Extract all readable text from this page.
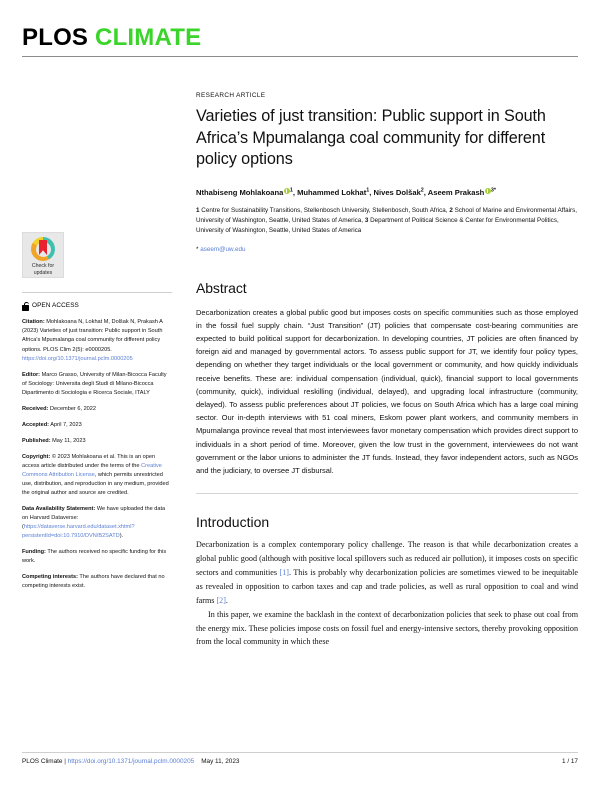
PLOS CLIMATE
Check for updates
OPEN ACCESS
Citation: Mohlakoana N, Lokhat M, Dolšak N, Prakash A (2023) Varieties of just transition: Public support in South Africa’s Mpumalanga coal community for different policy options. PLOS Clim 2(5): e0000205. https://doi.org/10.1371/journal.pclm.0000205
Editor: Marco Grasso, University of Milan-Bicocca Faculty of Sociology: Universita degli Studi di Milano-Bicocca Dipartimento di Sociologia e Ricerca Sociale, ITALY
Received: December 6, 2022
Accepted: April 7, 2023
Published: May 11, 2023
Copyright: © 2023 Mohlakoana et al. This is an open access article distributed under the terms of the Creative Commons Attribution License, which permits unrestricted use, distribution, and reproduction in any medium, provided the original author and source are credited.
Data Availability Statement: We have uploaded the data on Harvard Dataverse:(https://dataverse.harvard.edu/dataset.xhtml?persistentId=doi:10.7910/DVN/B2SATD).
Funding: The authors received no specific funding for this work.
Competing interests: The authors have declared that no competing interests exist.
RESEARCH ARTICLE
Varieties of just transition: Public support in South Africa’s Mpumalanga coal community for different policy options
Nthabiseng Mohlakoana $^1$, Muhammed Lokhat$^1$, Nives Dolšak$^2$, Aseem Prakash $^{3*}$
1 Centre for Sustainability Transitions, Stellenbosch University, Stellenbosch, South Africa, 2 School of Marine and Environmental Affairs, University of Washington, Seattle, United States of America, 3 Department of Political Science & Center for Environmental Politics, University of Washington, Seattle, United States of America
* aseem@uw.edu
Abstract
Decarbonization creates a global public good but imposes costs on specific communities such as those employed in the fossil fuel supply chain. “Just Transition” (JT) policies that compensate cost-bearing communities are expected to build political support for decarbonization. In developing countries, JT policies are often financed by foreign aid and managed by governmental actors. To assess public support for JT, we identify four policy types, depending on whether they target individuals or the local government or community, and how quickly individuals receive benefits. These are: individual compensation (individual, quick), financial support to local governments (community, quick), individual reskilling (individual, delayed), and upgrading local infrastructure (community, delayed). To assess public preferences about JT policies, we focus on South Africa which has a large coal mining sector. Our in-depth interviews with 51 coal miners, Eskom power plant workers, and community members in Mpumalanga province reveal that most interviewees favor monetary compensation which provides direct support to individuals in a short period of time. Moreover, given the low trust in the government, interviewees do not want government or the labor unions to administer the JT funds. Instead, they favor independent actors, such as NGOs and the judiciary, to oversee JT disbursal.
Introduction

Decarbonization is a complex contemporary policy challenge. The reason is that while decarbonization creates a global public good (although with positive local spillovers such as reduced air pollution), it imposes costs on specific sectors and communities [1]. This is probably why decarbonization policies are sometimes viewed to be inequitable as revealed in opposition to carbon taxes and cap and trade policies, as well as rural opposition to coal and wind farms [2].

In this paper, we examine the backlash in the context of decarbonization policies that seek to phase out coal from the energy mix. These policies impose costs on fossil fuel and energy-intensive sectors, thereby provoking opposition from the local community in which these

PLOS Climate | https://doi.org/10.1371/journal.pclm.0000205 May 11, 2023	1 / 17
